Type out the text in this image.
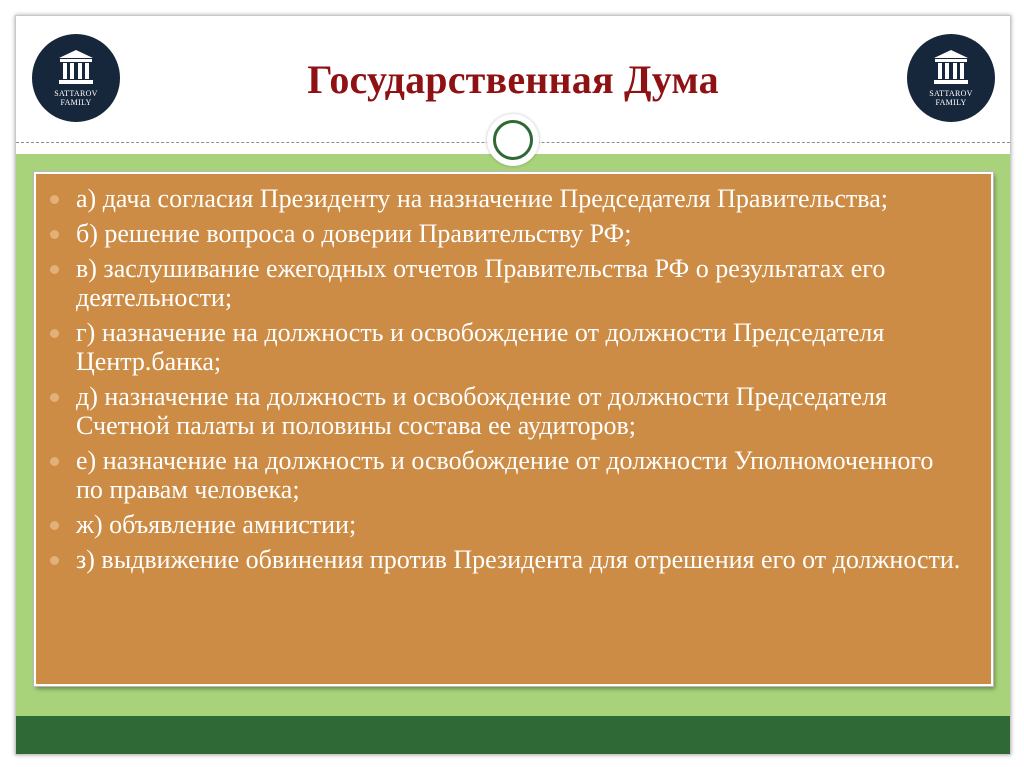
SATTAROV
FAMILY
Государственная Дума	SATTAROV
FAMILY
а) дача согласия Президенту на назначение Председателя Правительства;
б) решение вопроса о доверии Правительству РФ;
в) заслушивание ежегодных отчетов Правительства РФ о результатах его деятельности;
г) назначение на должность и освобождение от должности Председателя Центр.банка;
д) назначение на должность и освобождение от должности Председателя Счетной палаты и половины состава ее аудиторов;
е) назначение на должность и освобождение от должности Уполномоченного по правам человека;
ж) объявление амнистии;
з) выдвижение обвинения против Президента для отрешения его от должности.
